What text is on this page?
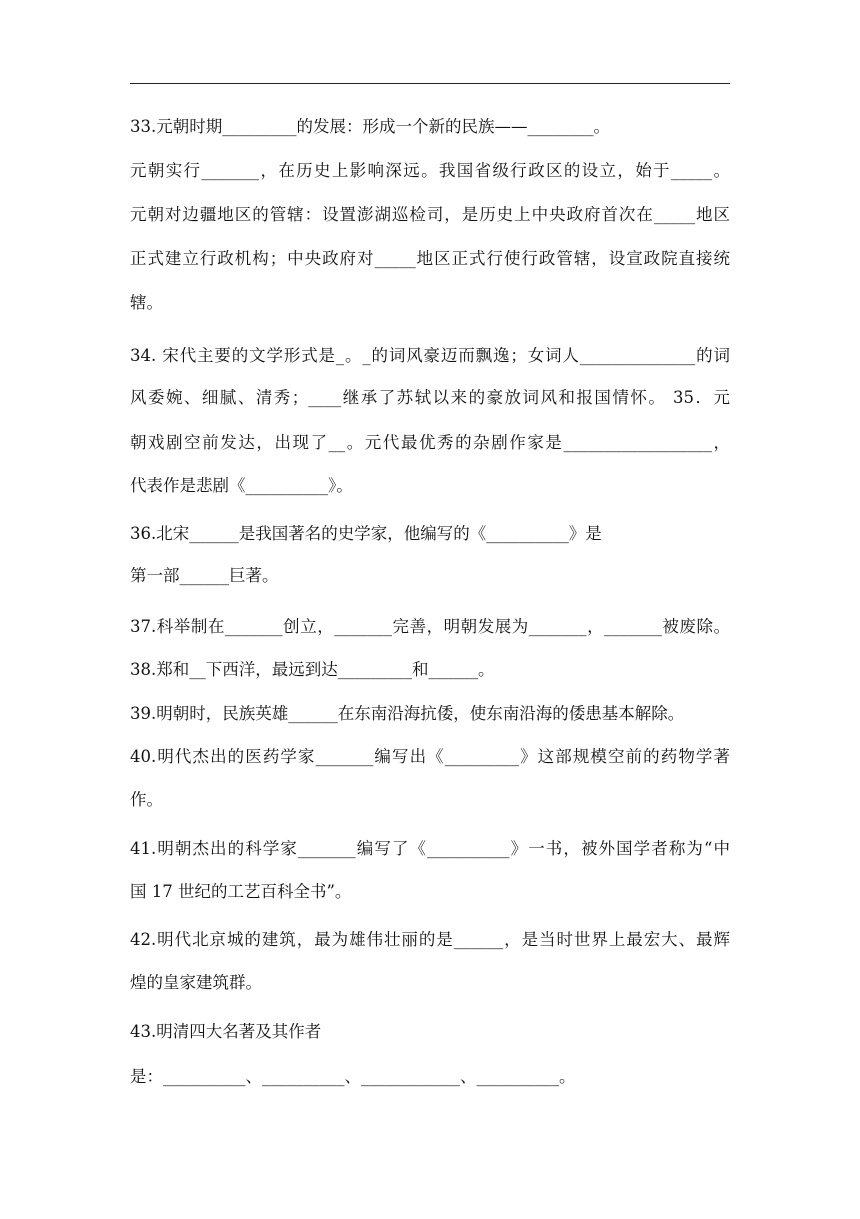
33.元朝时期_________的发展：形成一个新的民族——________。
元朝实行_______，在历史上影响深远。我国省级行政区的设立，始于_____。
元朝对边疆地区的管辖：设置澎湖巡检司，是历史上中央政府首次在_____地区
正式建立行政机构；中央政府对_____地区正式行使行政管辖，设宣政院直接统
辖。
34. 宋代主要的文学形式是_。_的词风豪迈而飘逸；女词人______________的词
风委婉、细腻、清秀；____继承了苏轼以来的豪放词风和报国情怀。 35．元
朝戏剧空前发达，出现了__。元代最优秀的杂剧作家是__________________，
代表作是悲剧《__________》。
36.北宋______是我国著名的史学家，他编写的《__________》是
第一部______巨著。
37.科举制在_______创立，_______完善，明朝发展为_______，_______被废除。
38.郑和__下西洋，最远到达_________和______。
39.明朝时，民族英雄______在东南沿海抗倭，使东南沿海的倭患基本解除。
40.明代杰出的医药学家_______编写出《_________》这部规模空前的药物学著
作。
41.明朝杰出的科学家_______编写了《__________》一书，被外国学者称为“中
国 17 世纪的工艺百科全书”。
42.明代北京城的建筑，最为雄伟壮丽的是______，是当时世界上最宏大、最辉
煌的皇家建筑群。
43.明清四大名著及其作者
是：__________、__________、____________、__________。
